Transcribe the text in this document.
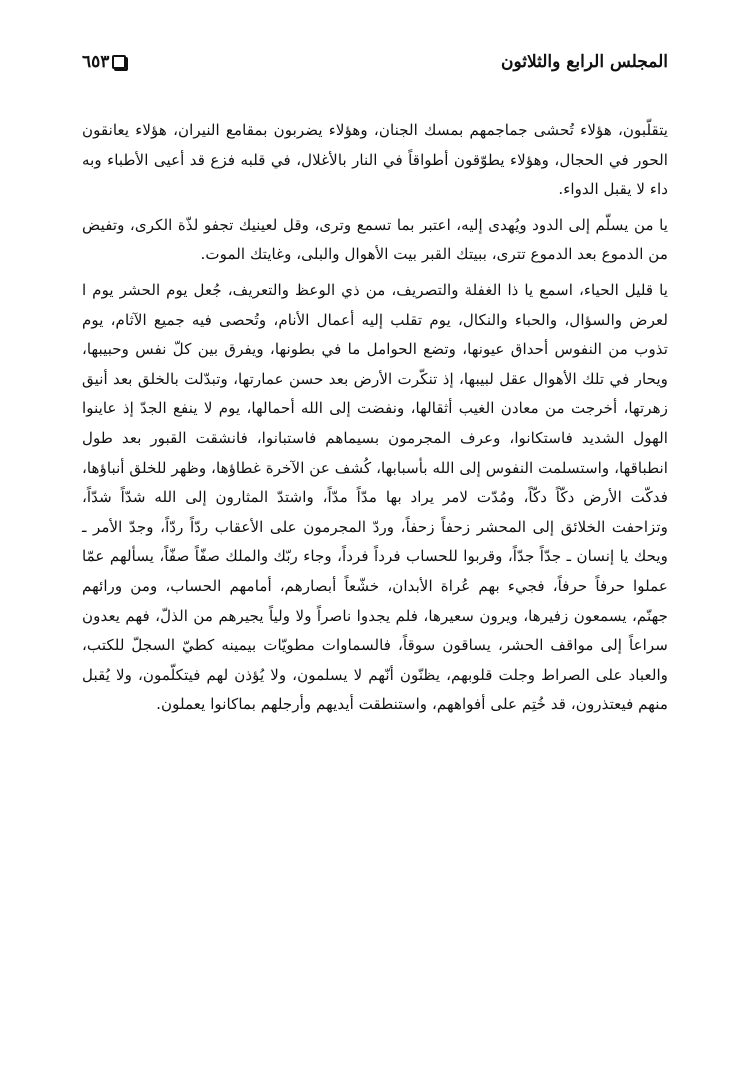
المجلس الرابع والثلاثون
٦٥٣

يتقلّبون، هؤلاء تُحشى جماجمهم بمسك الجنان، وهؤلاء يضربون بمقامع النيران، هؤلاء يعانقون الحور في الحجال، وهؤلاء يطوّقون أطواقاً في النار بالأغلال، في قلبه فزع قد أعيى الأطباء وبه داء لا يقبل الدواء.

يا من يسلّم إلى الدود ويُهدى إليه، اعتبر بما تسمع وترى، وقل لعينيك تجفو لذّة الكرى، وتفيض من الدموع بعد الدموع تترى، ببيتك القبر بيت الأهوال والبلى، وغايتك الموت.

يا قليل الحياء، اسمع يا ذا الغفلة والتصريف، من ذي الوعظ والتعريف، جُعل يوم الحشر يوم ا لعرض والسؤال، والحباء والنكال، يوم تقلب إليه أعمال الأنام، وتُحصى فيه جميع الآثام، يوم تذوب من النفوس أحداق عيونها، وتضع الحوامل ما في بطونها، ويفرق بين كلّ نفس وحبيبها، ويحار في تلك الأهوال عقل لبيبها، إذ تنكّرت الأرض بعد حسن عمارتها، وتبدّلت بالخلق بعد أنيق زهرتها، أخرجت من معادن الغيب أثقالها، ونفضت إلى الله أحمالها، يوم لا ينفع الجدّ إذ عاينوا الهول الشديد فاستكانوا، وعرف المجرمون بسيماهم فاستبانوا، فانشقت القبور بعد طول انطباقها، واستسلمت النفوس إلى الله بأسبابها، كُشف عن الآخرة غطاؤها، وظهر للخلق أنباؤها، فدكّت الأرض دكّاً دكّاً، ومُدّت لامر يراد بها مدّاً مدّاً، واشتدّ المثارون إلى الله شدّاً شدّاً، وتزاحفت الخلائق إلى المحشر زحفاً زحفاً، وردّ المجرمون على الأعقاب ردّاً ردّاً، وجدّ الأمر ـ ويحك يا إنسان ـ جدّاً جدّاً، وقربوا للحساب فرداً فرداً، وجاء ربّك والملك صفّاً صفّاً، يسألهم عمّا عملوا حرفاً حرفاً، فجيء بهم عُراة الأبدان، خشّعاً أبصارهم، أمامهم الحساب، ومن ورائهم جهنّم، يسمعون زفيرها، ويرون سعيرها، فلم يجدوا ناصراً ولا ولياً يجيرهم من الذلّ، فهم يعدون سراعاً إلى مواقف الحشر، يساقون سوقاً، فالسماوات مطويّات بيمينه كطيّ السجلّ للكتب، والعباد على الصراط وجلت قلوبهم، يظنّون أنّهم لا يسلمون، ولا يُؤذن لهم فيتكلّمون، ولا يُقبل منهم فيعتذرون، قد خُتِم على أفواههم، واستنطقت أيديهم وأرجلهم بماكانوا يعملون.
